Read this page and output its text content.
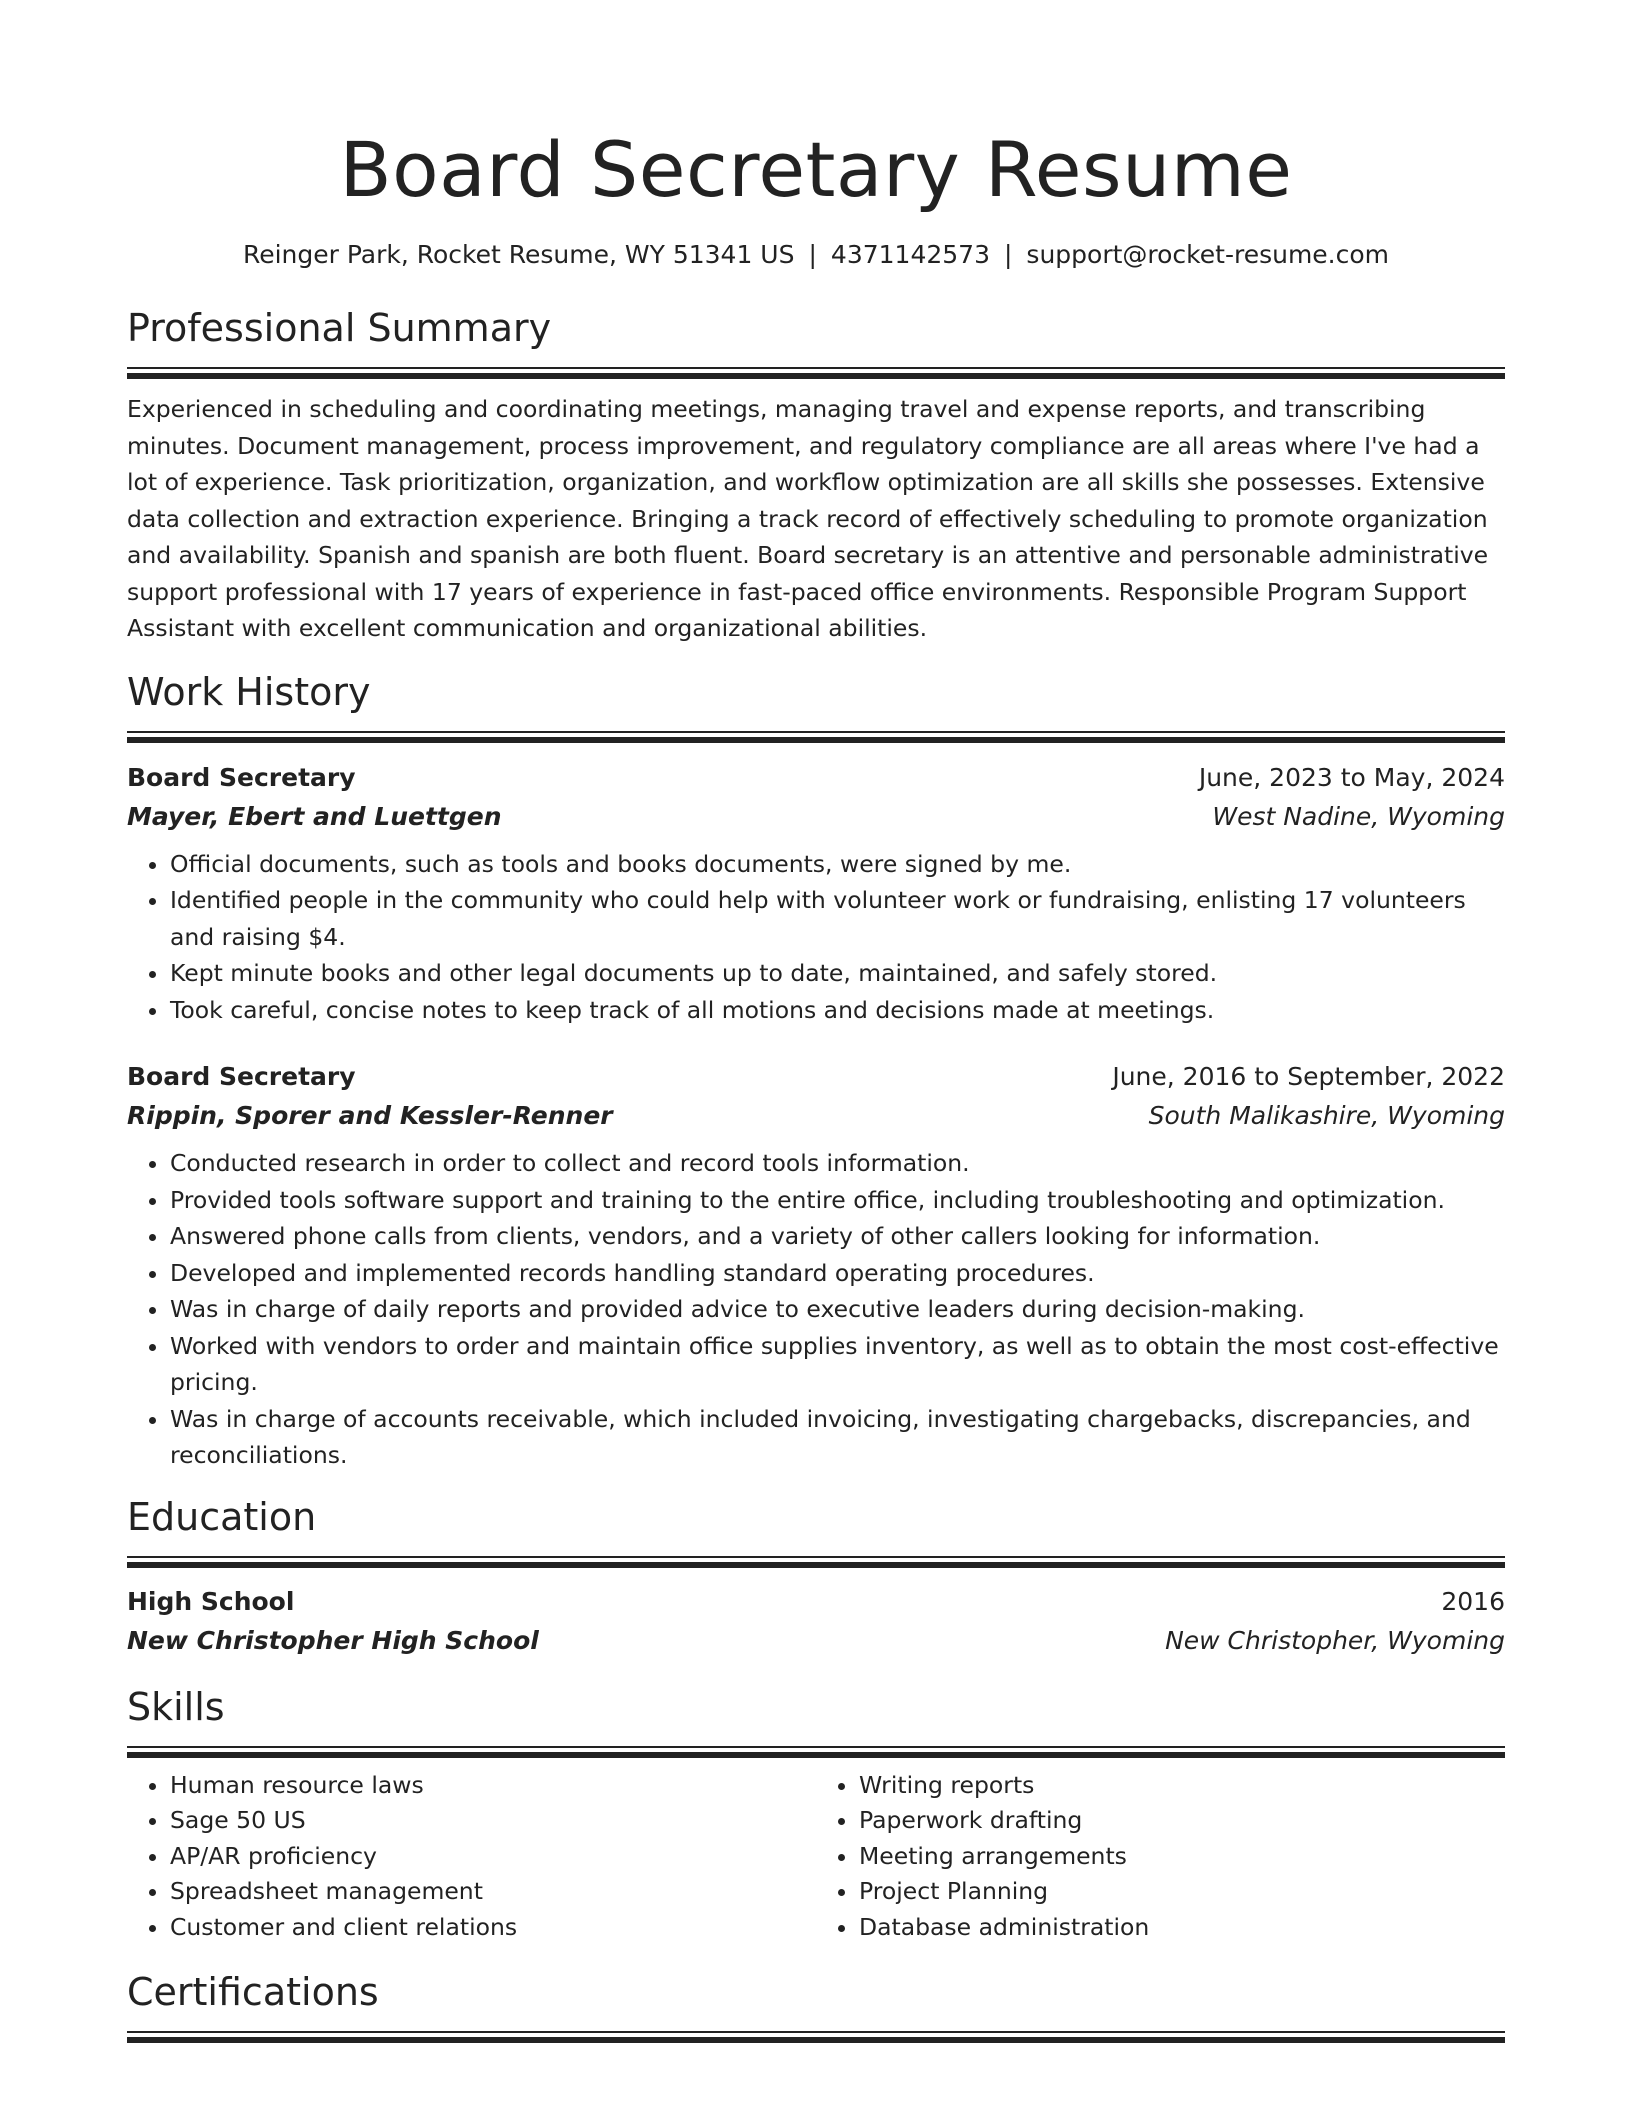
Board Secretary Resume
Reinger Park, Rocket Resume, WY 51341 US | 4371142573 | support@rocket-resume.com
Professional Summary

Experienced in scheduling and coordinating meetings, managing travel and expense reports, and transcribing minutes. Document management, process improvement, and regulatory compliance are all areas where I've had a lot of experience. Task prioritization, organization, and workflow optimization are all skills she possesses. Extensive data collection and extraction experience. Bringing a track record of effectively scheduling to promote organization and availability. Spanish and spanish are both fluent. Board secretary is an attentive and personable administrative support professional with 17 years of experience in fast-paced office environments. Responsible Program Support Assistant with excellent communication and organizational abilities.

Work History
Board Secretary	June, 2023 to May, 2024
Mayer, Ebert and Luettgen	West Nadine, Wyoming
• Official documents, such as tools and books documents, were signed by me.
• Identified people in the community who could help with volunteer work or fundraising, enlisting 17 volunteers and raising $4.
• Kept minute books and other legal documents up to date, maintained, and safely stored.
• Took careful, concise notes to keep track of all motions and decisions made at meetings.
Board Secretary	June, 2016 to September, 2022
Rippin, Sporer and Kessler-Renner	South Malikashire, Wyoming
• Conducted research in order to collect and record tools information.
• Provided tools software support and training to the entire office, including troubleshooting and optimization.
• Answered phone calls from clients, vendors, and a variety of other callers looking for information.
• Developed and implemented records handling standard operating procedures.
• Was in charge of daily reports and provided advice to executive leaders during decision-making.
• Worked with vendors to order and maintain office supplies inventory, as well as to obtain the most cost-effective pricing.
• Was in charge of accounts receivable, which included invoicing, investigating chargebacks, discrepancies, and reconciliations.
Education
High School	2016
New Christopher High School	New Christopher, Wyoming
Skills
• Human resource laws
• Sage 50 US
• AP/AR proficiency
• Spreadsheet management
• Customer and client relations
• Writing reports
• Paperwork drafting
• Meeting arrangements
• Project Planning
• Database administration
Certifications
